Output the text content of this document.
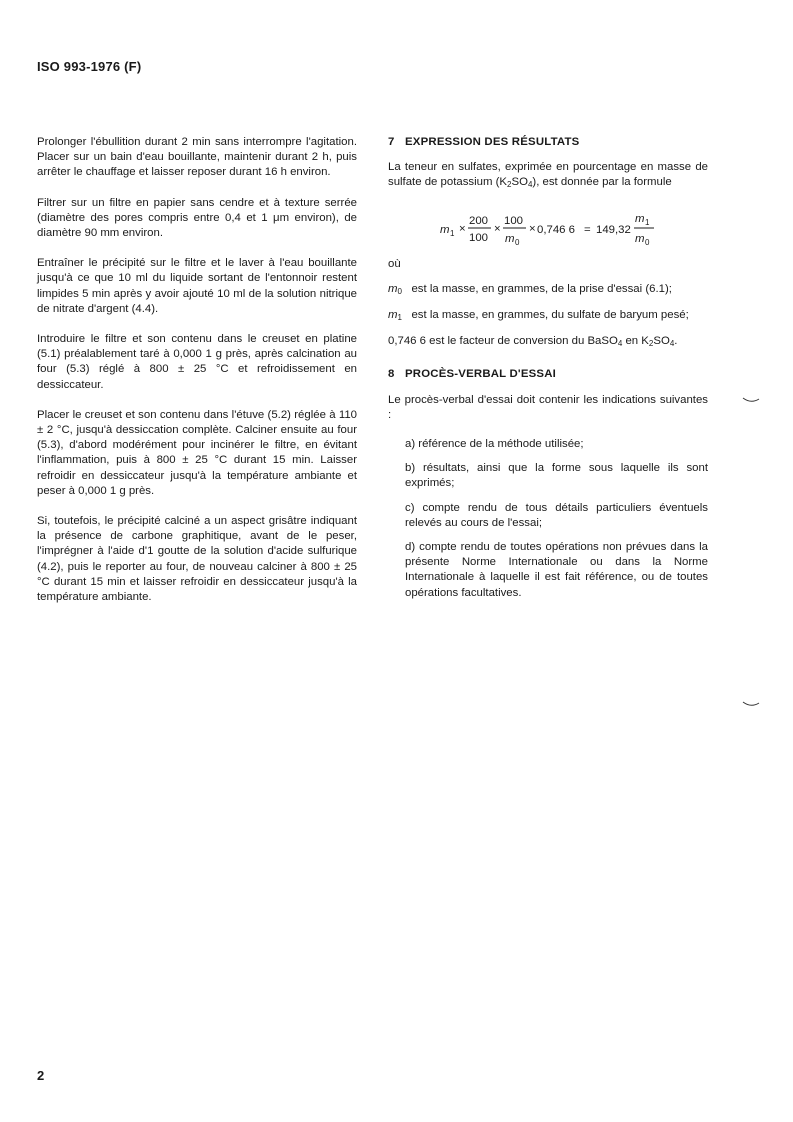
ISO 993-1976 (F)

Prolonger l'ébullition durant 2 min sans interrompre l'agitation. Placer sur un bain d'eau bouillante, maintenir durant 2 h, puis arrêter le chauffage et laisser reposer durant 16 h environ.

Filtrer sur un filtre en papier sans cendre et à texture serrée (diamètre des pores compris entre 0,4 et 1 μm environ), de diamètre 90 mm environ.

Entraîner le précipité sur le filtre et le laver à l'eau bouillante jusqu'à ce que 10 ml du liquide sortant de l'entonnoir restent limpides 5 min après y avoir ajouté 10 ml de la solution nitrique de nitrate d'argent (4.4).

Introduire le filtre et son contenu dans le creuset en platine (5.1) préalablement taré à 0,000 1 g près, après calcination au four (5.3) réglé à 800 ± 25 °C et refroidissement en dessiccateur.

Placer le creuset et son contenu dans l'étuve (5.2) réglée à 110 ± 2 °C, jusqu'à dessiccation complète. Calciner ensuite au four (5.3), d'abord modérément pour incinérer le filtre, en évitant l'inflammation, puis à 800 ± 25 °C durant 15 min. Laisser refroidir en dessiccateur jusqu'à la température ambiante et peser à 0,000 1 g près.

Si, toutefois, le précipité calciné a un aspect grisâtre indiquant la présence de carbone graphitique, avant de le peser, l'imprégner à l'aide d'1 goutte de la solution d'acide sulfurique (4.2), puis le reporter au four, de nouveau calciner à 800 ± 25 °C durant 15 min et laisser refroidir en dessiccateur jusqu'à la température ambiante.

7 EXPRESSION DES RÉSULTATS

La teneur en sulfates, exprimée en pourcentage en masse de sulfate de potassium $(K_2SO_4)$, est donnée par la formule

m 1 ×
200
100
×
100
m 0
× 0,746 6 = 149,32
m 1
m 0

où

$m_0$ est la masse, en grammes, de la prise d'essai (6.1);

$m_1$ est la masse, en grammes, du sulfate de baryum pesé;

0,746 6 est le facteur de conversion du BaSO$_4$ en $K_2SO_4$.

8 PROCÈS-VERBAL D'ESSAI

Le procès-verbal d'essai doit contenir les indications suivantes :

a) référence de la méthode utilisée;

b) résultats, ainsi que la forme sous laquelle ils sont exprimés;

c) compte rendu de tous détails particuliers éventuels relevés au cours de l'essai;

d) compte rendu de toutes opérations non prévues dans la présente Norme Internationale ou dans la Norme Internationale à laquelle il est fait référence, ou de toutes opérations facultatives.

2
